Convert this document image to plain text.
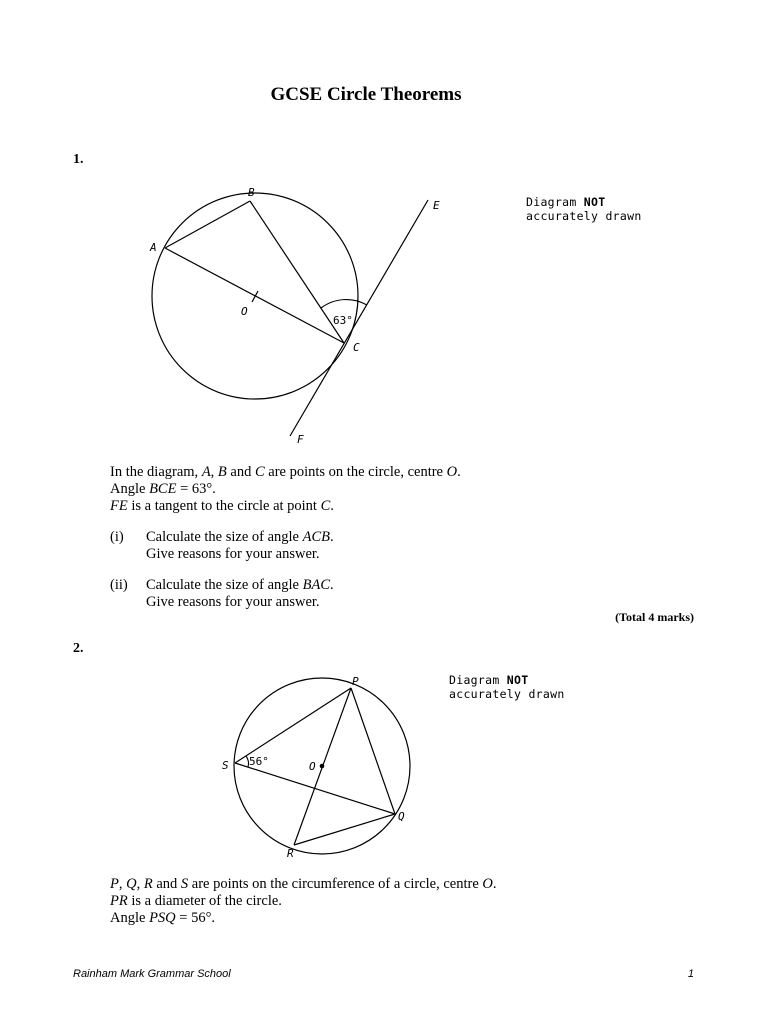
GCSE Circle Theorems
1.
B
A
E
O
63°
C
F
Diagram NOT
accurately drawn
In the diagram, A, B and C are points on the circle, centre O.
Angle BCE = 63°.
FE is a tangent to the circle at point C.
(i) Calculate the size of angle ACB.
Give reasons for your answer.
(ii) Calculate the size of angle BAC.
Give reasons for your answer.
(Total 4 marks)
2.
P
S 56°	O
Q
R
Diagram NOT
accurately drawn
P, Q, R and S are points on the circumference of a circle, centre O.
PR is a diameter of the circle.
Angle PSQ = 56°.
Rainham Mark Grammar School	1
